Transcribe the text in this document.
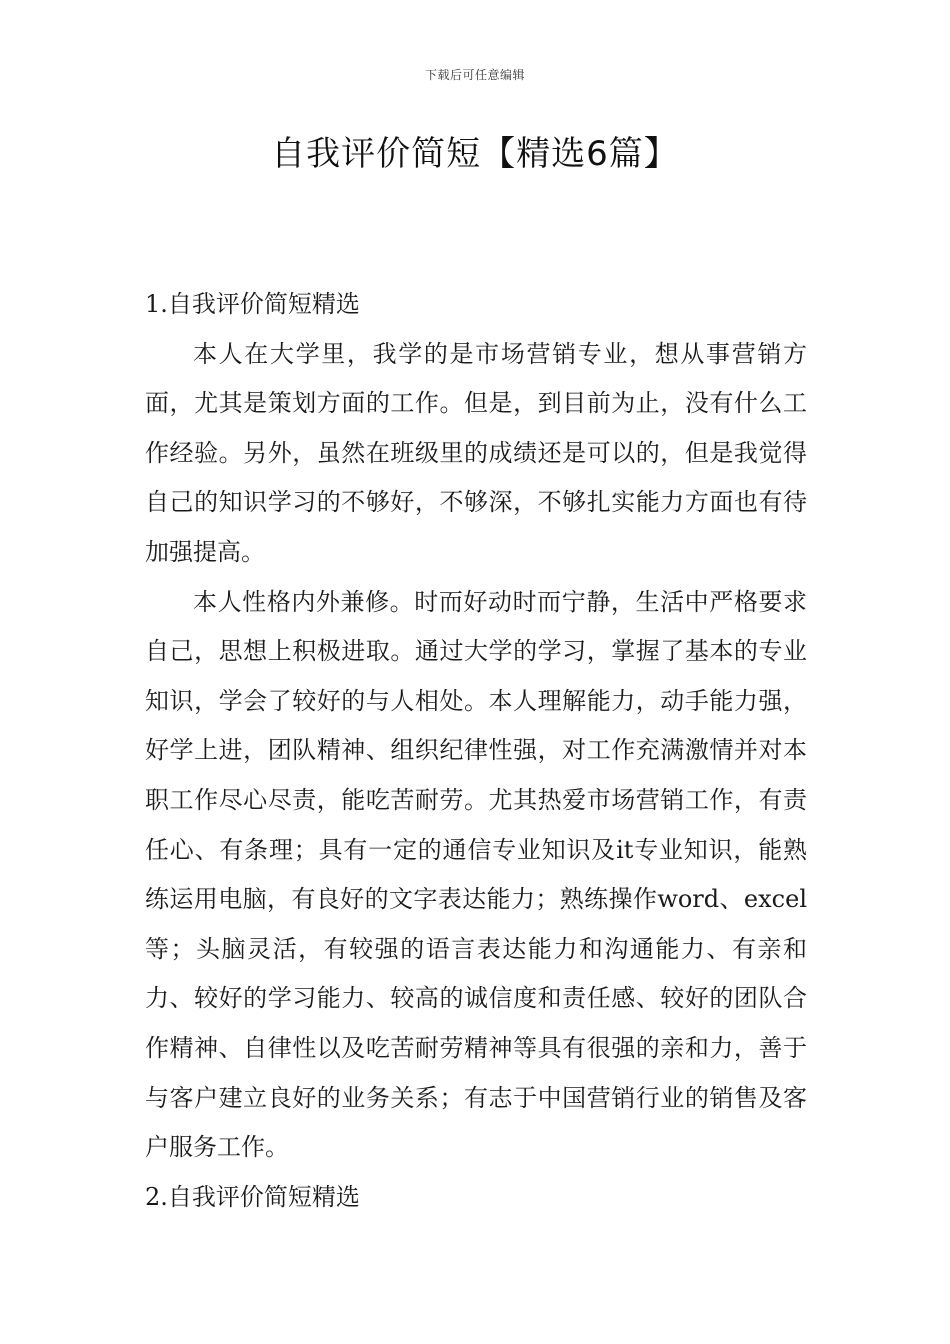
下载后可任意编辑
自我评价简短【精选6篇】
1.自我评价简短精选

本人在大学里，我学的是市场营销专业，想从事营销方面，尤其是策划方面的工作。但是，到目前为止，没有什么工作经验。另外，虽然在班级里的成绩还是可以的，但是我觉得自己的知识学习的不够好，不够深，不够扎实能力方面也有待加强提高。

本人性格内外兼修。时而好动时而宁静，生活中严格要求自己，思想上积极进取。通过大学的学习，掌握了基本的专业知识，学会了较好的与人相处。本人理解能力，动手能力强，好学上进，团队精神、组织纪律性强，对工作充满激情并对本职工作尽心尽责，能吃苦耐劳。尤其热爱市场营销工作，有责任心、有条理；具有一定的通信专业知识及it专业知识，能熟练运用电脑，有良好的文字表达能力；熟练操作word、excel等；头脑灵活，有较强的语言表达能力和沟通能力、有亲和力、较好的学习能力、较高的诚信度和责任感、较好的团队合作精神、自律性以及吃苦耐劳精神等具有很强的亲和力，善于与客户建立良好的业务关系；有志于中国营销行业的销售及客户服务工作。

2.自我评价简短精选
